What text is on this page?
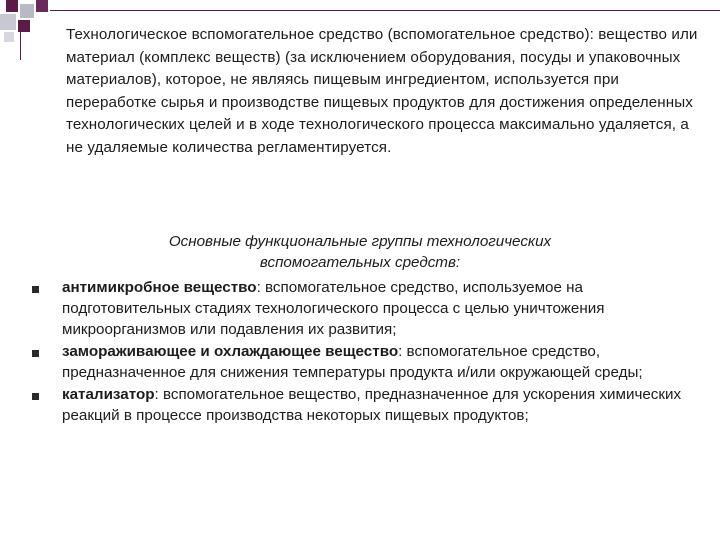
Технологическое вспомогательное средство (вспомогательное средство): вещество или материал (комплекс веществ) (за исключением оборудования, посуды и упаковочных материалов), которое, не являясь пищевым ингредиентом, используется при переработке сырья и производстве пищевых продуктов для достижения определенных технологических целей и в ходе технологического процесса максимально удаляется, а не удаляемые количества регламентируется.
Основные функциональные группы технологических
вспомогательных средств:
антимикробное вещество: вспомогательное средство, используемое на подготовительных стадиях технологического процесса с целью уничтожения микроорганизмов или подавления их развития;
замораживающее и охлаждающее вещество: вспомогательное средство, предназначенное для снижения температуры продукта и/или окружающей среды;
катализатор: вспомогательное вещество, предназначенное для ускорения химических реакций в процессе производства некоторых пищевых продуктов;
